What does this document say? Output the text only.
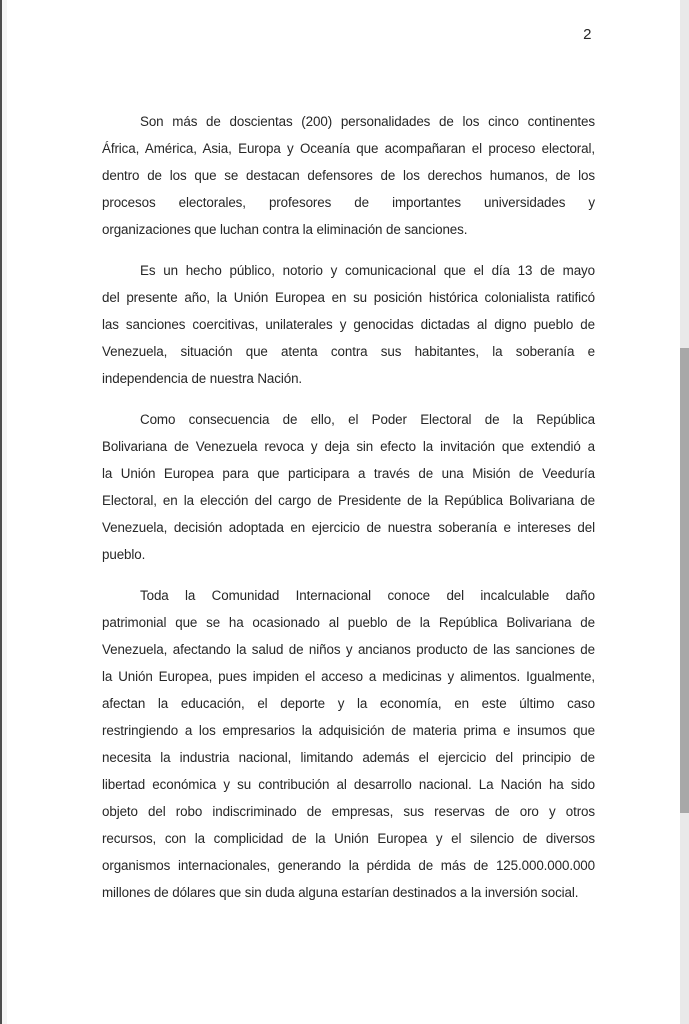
2
Son más de doscientas (200) personalidades de los cinco continentes
África, América, Asia, Europa y Oceanía que acompañaran el proceso electoral,
dentro de los que se destacan defensores de los derechos humanos, de los
procesos electorales, profesores de importantes universidades y
organizaciones que luchan contra la eliminación de sanciones.
Es un hecho público, notorio y comunicacional que el día 13 de mayo
del presente año, la Unión Europea en su posición histórica colonialista ratificó
las sanciones coercitivas, unilaterales y genocidas dictadas al digno pueblo de
Venezuela, situación que atenta contra sus habitantes, la soberanía e
independencia de nuestra Nación.
Como consecuencia de ello, el Poder Electoral de la República
Bolivariana de Venezuela revoca y deja sin efecto la invitación que extendió a
la Unión Europea para que participara a través de una Misión de Veeduría
Electoral, en la elección del cargo de Presidente de la República Bolivariana de
Venezuela, decisión adoptada en ejercicio de nuestra soberanía e intereses del
pueblo.
Toda la Comunidad Internacional conoce del incalculable daño
patrimonial que se ha ocasionado al pueblo de la República Bolivariana de
Venezuela, afectando la salud de niños y ancianos producto de las sanciones de
la Unión Europea, pues impiden el acceso a medicinas y alimentos. Igualmente,
afectan la educación, el deporte y la economía, en este último caso
restringiendo a los empresarios la adquisición de materia prima e insumos que
necesita la industria nacional, limitando además el ejercicio del principio de
libertad económica y su contribución al desarrollo nacional. La Nación ha sido
objeto del robo indiscriminado de empresas, sus reservas de oro y otros
recursos, con la complicidad de la Unión Europea y el silencio de diversos
organismos internacionales, generando la pérdida de más de 125.000.000.000
millones de dólares que sin duda alguna estarían destinados a la inversión social.
